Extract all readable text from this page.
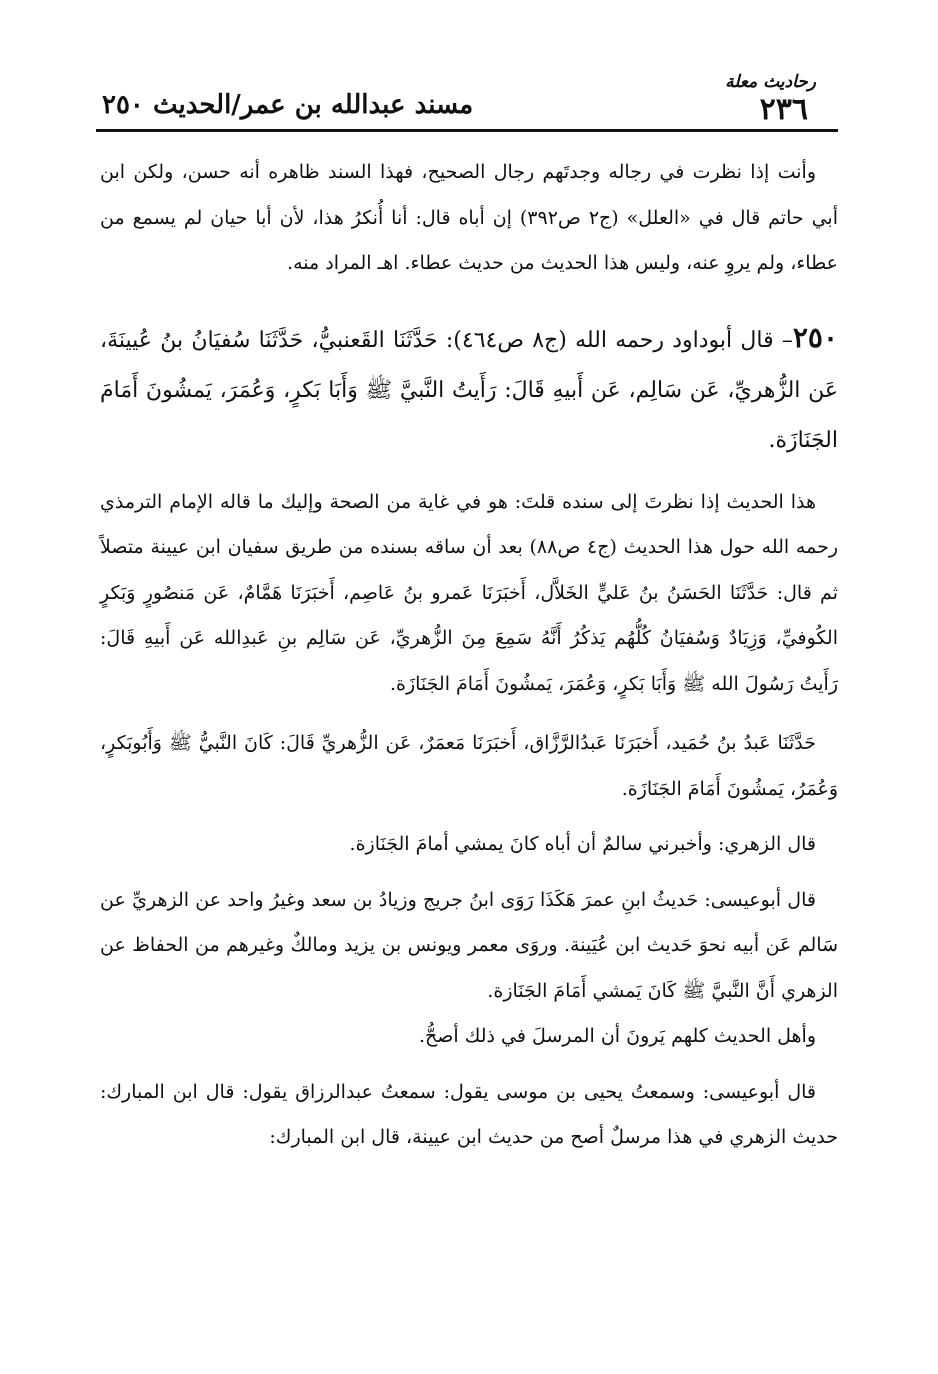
رحاديث معلة
٢٣٦
مسند عبدالله بن عمر/الحديث ٢٥٠

وأنت إذا نظرت في رجاله وجدتَهم رجال الصحيح، فهذا السند ظاهره أنه حسن، ولكن ابن أبي حاتم قال في «العلل» (ج٢ ص٣٩٢) إن أباه قال: أنا أُنكرُ هذا، لأن أبا حيان لم يسمع من عطاء، ولم يروِ عنه، وليس هذا الحديث من حديث عطاء. اهـ المراد منه.

٢٥٠– قال أبوداود رحمه الله (ج٨ ص٤٦٤): حَدَّثَنَا القَعنبيُّ، حَدَّثَنَا سُفيَانُ بنُ عُيينَةَ، عَن الزُّهريِّ، عَن سَالِم، عَن أَبيهِ قَالَ: رَأَيتُ النَّبيَّ ﷺ وَأَبَا بَكرٍ، وَعُمَرَ، يَمشُونَ أَمَامَ الجَنَازَة.

هذا الحديث إذا نظرتَ إلى سنده قلتَ: هو في غاية من الصحة وإليك ما قاله الإمام الترمذي رحمه الله حول هذا الحديث (ج٤ ص٨٨) بعد أن ساقه بسنده من طريق سفيان ابن عيينة متصلاً ثم قال: حَدَّثَنَا الحَسَنُ بنُ عَليٍّ الخَلاَّل، أَخبَرَنَا عَمرو بنُ عَاصِم، أَخبَرَنَا هَمَّامٌ، عَن مَنصُورٍ وَبَكرٍ الكُوفيِّ، وَزِيَادٌ وَسُفيَانُ كُلُّهُم يَذكُرُ أَنَّهُ سَمِعَ مِنَ الزُّهريِّ، عَن سَالِم بنِ عَبدِالله عَن أَبيهِ قَالَ: رَأَيتُ رَسُولَ الله ﷺ وَأَبَا بَكرٍ، وَعُمَرَ، يَمشُونَ أَمَامَ الجَنَازَة.

حَدَّثَنَا عَبدُ بنُ حُمَيد، أَخبَرَنَا عَبدُالرَّزَّاق، أَخبَرَنَا مَعمَرٌ، عَن الزُّهريِّ قَالَ: كَانَ النَّبيُّ ﷺ وَأَبُوبَكرٍ، وَعُمَرُ، يَمشُونَ أَمَامَ الجَنَازَة.

قال الزهري: وأخبرني سالمٌ أن أباه كانَ يمشي أمامَ الجَنَازة.

قال أبوعيسى: حَديثُ ابنِ عمرَ هَكَذَا رَوَى ابنُ جريج وزيادُ بن سعد وغيرُ واحد عن الزهريِّ عن سَالم عَن أبيه نحوَ حَديث ابن عُيَينة. وروَى معمر ويونس بن يزيد ومالكٌ وغيرهم من الحفاظ عن الزهري أَنَّ النَّبيَّ ﷺ كَانَ يَمشي أَمَامَ الجَنَازة.

وأهل الحديث كلهم يَرونَ أن المرسلَ في ذلك أصحُّ.

قال أبوعيسى: وسمعتُ يحيى بن موسى يقول: سمعتُ عبدالرزاق يقول: قال ابن المبارك: حديث الزهري في هذا مرسلٌ أصح من حديث ابن عيينة، قال ابن المبارك:
